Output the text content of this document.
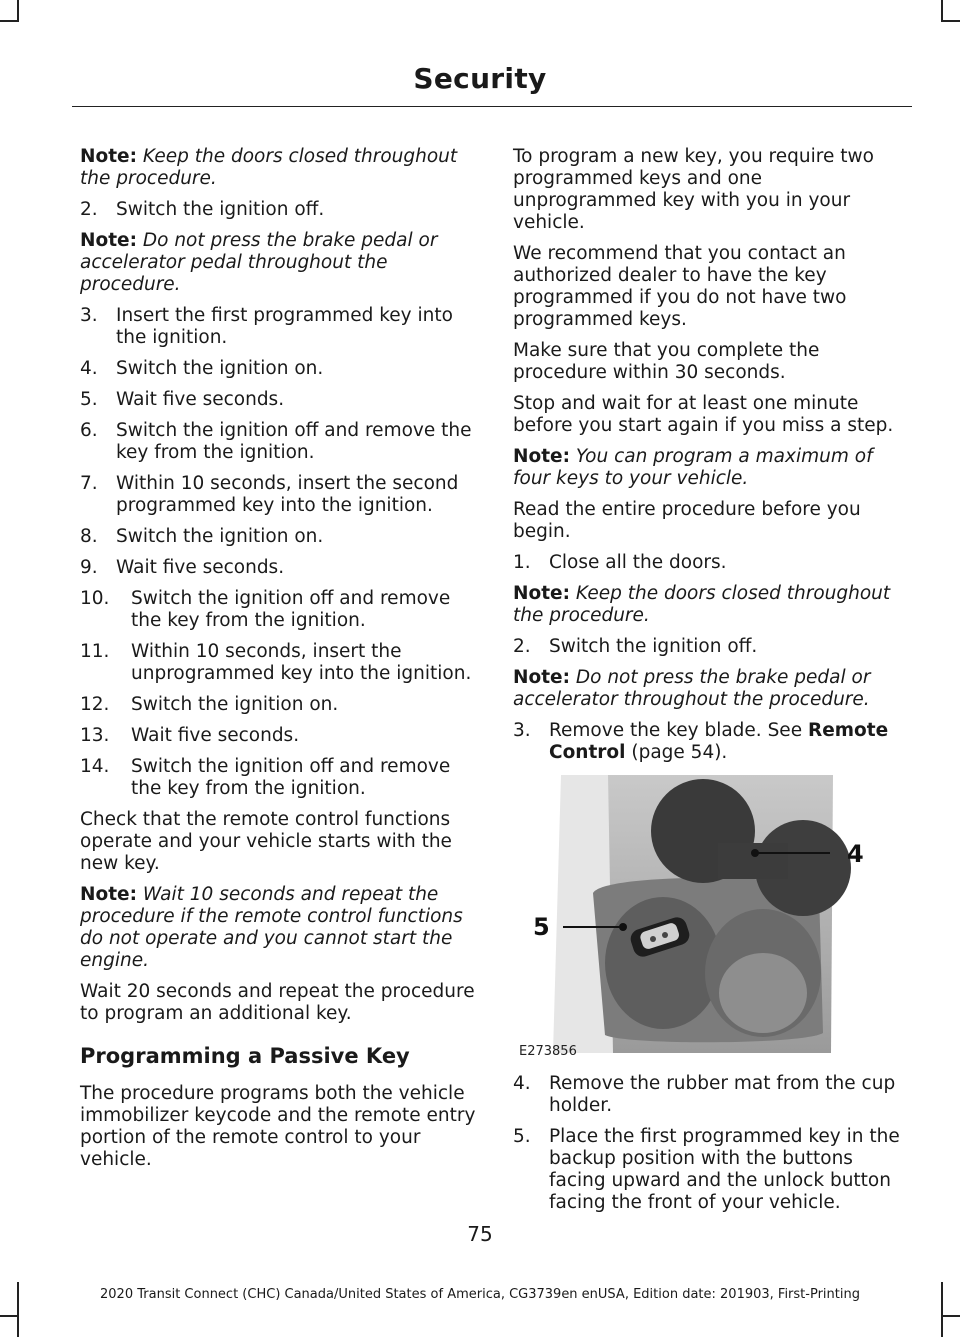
Security

Note: Keep the doors closed throughout the procedure.

2. Switch the ignition off.

Note: Do not press the brake pedal or accelerator pedal throughout the procedure.

3. Insert the first programmed key into the ignition.
4. Switch the ignition on.
5. Wait five seconds.
6. Switch the ignition off and remove the key from the ignition.
7. Within 10 seconds, insert the second programmed key into the ignition.
8. Switch the ignition on.
9. Wait five seconds.
10.	Switch the ignition off and remove the key from the ignition.
11.	Within 10 seconds, insert the unprogrammed key into the ignition.
12.	Switch the ignition on.
13.	Wait five seconds.
14.	Switch the ignition off and remove the key from the ignition.

Check that the remote control functions operate and your vehicle starts with the new key.

Note: Wait 10 seconds and repeat the procedure if the remote control functions do not operate and you cannot start the engine.

Wait 20 seconds and repeat the procedure to program an additional key.

Programming a Passive Key

The procedure programs both the vehicle immobilizer keycode and the remote entry portion of the remote control to your vehicle.

To program a new key, you require two programmed keys and one unprogrammed key with you in your vehicle.

We recommend that you contact an authorized dealer to have the key programmed if you do not have two programmed keys.

Make sure that you complete the procedure within 30 seconds.

Stop and wait for at least one minute before you start again if you miss a step.

Note: You can program a maximum of four keys to your vehicle.

Read the entire procedure before you begin.

1. Close all the doors.

Note: Keep the doors closed throughout the procedure.

2. Switch the ignition off.

Note: Do not press the brake pedal or accelerator throughout the procedure.

3. Remove the key blade. See Remote Control (page 54).
4
5
E273856
4. Remove the rubber mat from the cup holder.
5. Place the first programmed key in the backup position with the buttons facing upward and the unlock button facing the front of your vehicle.
75
2020 Transit Connect (CHC) Canada/United States of America, CG3739en enUSA, Edition date: 201903, First-Printing
